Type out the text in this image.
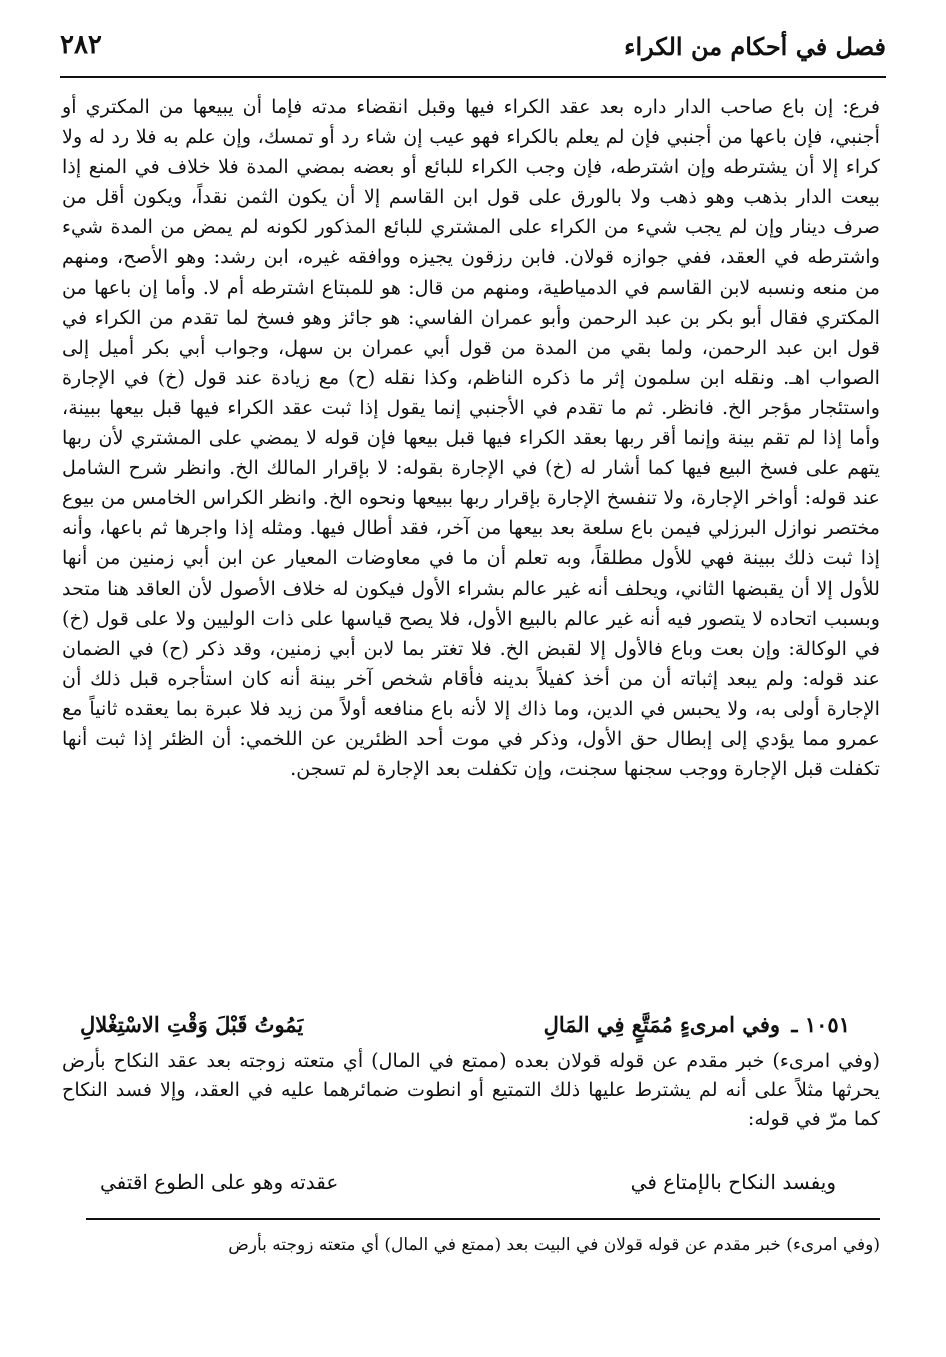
٢٨٢	فصل في أحكام من الكراء

فرع: إن باع صاحب الدار داره بعد عقد الكراء فيها وقبل انقضاء مدته فإما أن يبيعها من المكتري أو أجنبي، فإن باعها من أجنبي فإن لم يعلم بالكراء فهو عيب إن شاء رد أو تمسك، وإن علم به فلا رد له ولا كراء إلا أن يشترطه وإن اشترطه، فإن وجب الكراء للبائع أو بعضه بمضي المدة فلا خلاف في المنع إذا بيعت الدار بذهب وهو ذهب ولا بالورق على قول ابن القاسم إلا أن يكون الثمن نقداً، ويكون أقل من صرف دينار وإن لم يجب شيء من الكراء على المشتري للبائع المذكور لكونه لم يمض من المدة شيء واشترطه في العقد، ففي جوازه قولان. فابن رزقون يجيزه ووافقه غيره، ابن رشد: وهو الأصح، ومنهم من منعه ونسبه لابن القاسم في الدمياطية، ومنهم من قال: هو للمبتاع اشترطه أم لا. وأما إن باعها من المكتري فقال أبو بكر بن عبد الرحمن وأبو عمران الفاسي: هو جائز وهو فسخ لما تقدم من الكراء في قول ابن عبد الرحمن، ولما بقي من المدة من قول أبي عمران بن سهل، وجواب أبي بكر أميل إلى الصواب اهـ. ونقله ابن سلمون إثر ما ذكره الناظم، وكذا نقله (ح) مع زيادة عند قول (خ) في الإجارة واستئجار مؤجر الخ. فانظر. ثم ما تقدم في الأجنبي إنما يقول إذا ثبت عقد الكراء فيها قبل بيعها ببينة، وأما إذا لم تقم بينة وإنما أقر ربها بعقد الكراء فيها قبل بيعها فإن قوله لا يمضي على المشتري لأن ربها يتهم على فسخ البيع فيها كما أشار له (خ) في الإجارة بقوله: لا بإقرار المالك الخ. وانظر شرح الشامل عند قوله: أواخر الإجارة، ولا تنفسخ الإجارة بإقرار ربها ببيعها ونحوه الخ. وانظر الكراس الخامس من بيوع مختصر نوازل البرزلي فيمن باع سلعة بعد بيعها من آخر، فقد أطال فيها. ومثله إذا واجرها ثم باعها، وأنه إذا ثبت ذلك ببينة فهي للأول مطلقاً، وبه تعلم أن ما في معاوضات المعيار عن ابن أبي زمنين من أنها للأول إلا أن يقبضها الثاني، ويحلف أنه غير عالم بشراء الأول فيكون له خلاف الأصول لأن العاقد هنا متحد وبسبب اتحاده لا يتصور فيه أنه غير عالم بالبيع الأول، فلا يصح قياسها على ذات الوليين ولا على قول (خ) في الوكالة: وإن بعت وباع فالأول إلا لقبض الخ. فلا تغتر بما لابن أبي زمنين، وقد ذكر (ح) في الضمان عند قوله: ولم يبعد إثباته أن من أخذ كفيلاً بدينه فأقام شخص آخر بينة أنه كان استأجره قبل ذلك أن الإجارة أولى به، ولا يحبس في الدين، وما ذاك إلا لأنه باع منافعه أولاً من زيد فلا عبرة بما يعقده ثانياً مع عمرو مما يؤدي إلى إبطال حق الأول، وذكر في موت أحد الظئرين عن اللخمي: أن الظئر إذا ثبت أنها تكفلت قبل الإجارة ووجب سجنها سجنت، وإن تكفلت بعد الإجارة لم تسجن.

١٠٥١ ـ
وفي امرىءٍ مُمَتَّعٍ فِي المَالِ
يَمُوتُ قَبْلَ وَقْتِ الاسْتِغْلالِ

(وفي امرىء) خبر مقدم عن قوله قولان بعده (ممتع في المال) أي متعته زوجته بعد عقد النكاح بأرض يحرثها مثلاً على أنه لم يشترط عليها ذلك التمتيع أو انطوت ضمائرهما عليه في العقد، وإلا فسد النكاح كما مرّ في قوله:

ويفسد النكاح بالإمتاع في
عقدته وهو على الطوع اقتفي
(وفي امرىء) خبر مقدم عن قوله قولان في البيت بعد (ممتع في المال) أي متعته زوجته بأرض
